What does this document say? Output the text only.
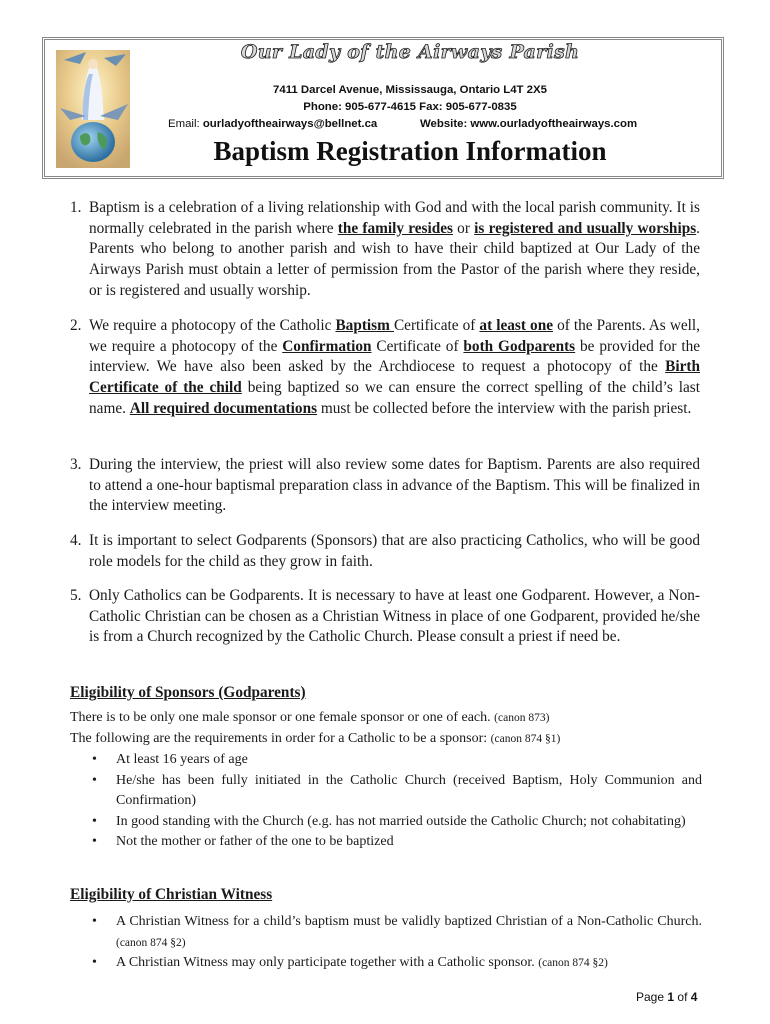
Our Lady of the Airways Parish
7411 Darcel Avenue, Mississauga, Ontario L4T 2X5
Phone: 905-677-4615 Fax: 905-677-0835
Email: ourladyoftheairways@bellnet.ca	Website: www.ourladyoftheairways.com
Baptism Registration Information
1. Baptism is a celebration of a living relationship with God and with the local parish community. It is normally celebrated in the parish where the family resides or is registered and usually worships. Parents who belong to another parish and wish to have their child baptized at Our Lady of the Airways Parish must obtain a letter of permission from the Pastor of the parish where they reside, or is registered and usually worship.
2. We require a photocopy of the Catholic Baptism Certificate of at least one of the Parents. As well, we require a photocopy of the Confirmation Certificate of both Godparents be provided for the interview. We have also been asked by the Archdiocese to request a photocopy of the Birth Certificate of the child being baptized so we can ensure the correct spelling of the child’s last name. All required documentations must be collected before the interview with the parish priest.
3. During the interview, the priest will also review some dates for Baptism. Parents are also required to attend a one-hour baptismal preparation class in advance of the Baptism. This will be finalized in the interview meeting.
4. It is important to select Godparents (Sponsors) that are also practicing Catholics, who will be good role models for the child as they grow in faith.
5. Only Catholics can be Godparents. It is necessary to have at least one Godparent. However, a Non-Catholic Christian can be chosen as a Christian Witness in place of one Godparent, provided he/she is from a Church recognized by the Catholic Church. Please consult a priest if need be.
Eligibility of Sponsors (Godparents)
There is to be only one male sponsor or one female sponsor or one of each. (canon 873)
The following are the requirements in order for a Catholic to be a sponsor: (canon 874 §1)
• At least 16 years of age
• He/she has been fully initiated in the Catholic Church (received Baptism, Holy Communion and Confirmation)
• In good standing with the Church (e.g. has not married outside the Catholic Church; not cohabitating)
• Not the mother or father of the one to be baptized
Eligibility of Christian Witness
• A Christian Witness for a child’s baptism must be validly baptized Christian of a Non-Catholic Church. (canon 874 §2)
• A Christian Witness may only participate together with a Catholic sponsor. (canon 874 §2)
Page 1 of 4
